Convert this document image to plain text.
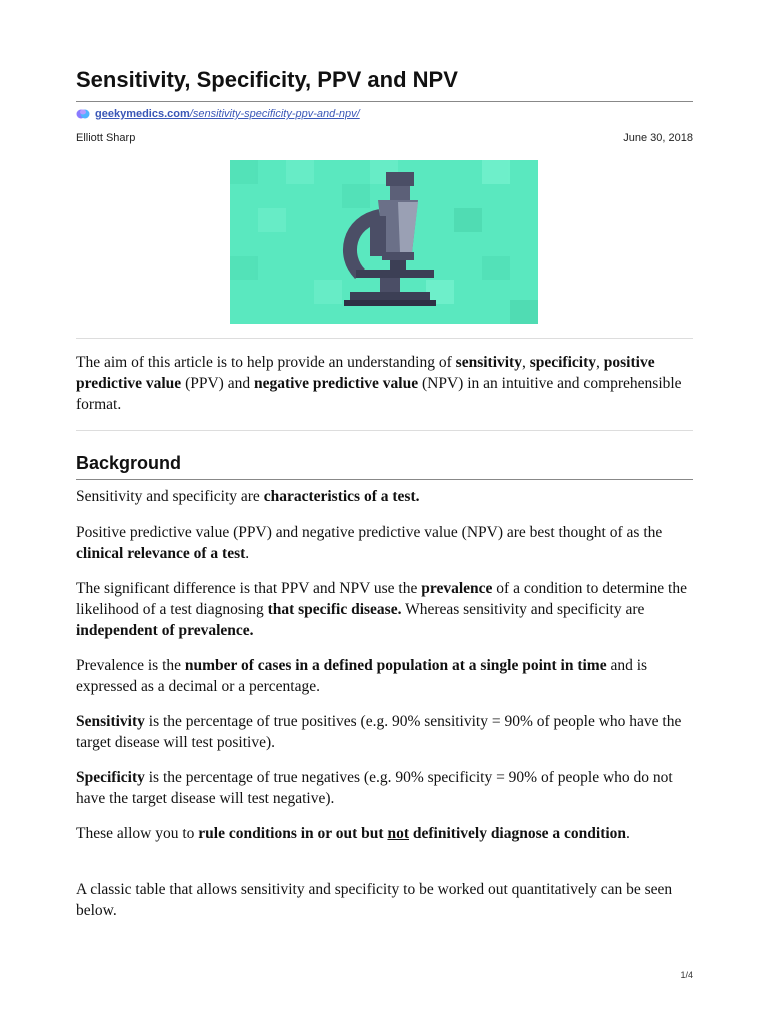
Sensitivity, Specificity, PPV and NPV
geekymedics.com /sensitivity-specificity-ppv-and-npv/
Elliott Sharp	June 30, 2018

The aim of this article is to help provide an understanding of sensitivity, specificity, positive predictive value (PPV) and negative predictive value (NPV) in an intuitive and comprehensible format.

Background

Sensitivity and specificity are characteristics of a test.

Positive predictive value (PPV) and negative predictive value (NPV) are best thought of as the clinical relevance of a test.

The significant difference is that PPV and NPV use the prevalence of a condition to determine the likelihood of a test diagnosing that specific disease. Whereas sensitivity and specificity are independent of prevalence.

Prevalence is the number of cases in a defined population at a single point in time and is expressed as a decimal or a percentage.

Sensitivity is the percentage of true positives (e.g. 90% sensitivity = 90% of people who have the target disease will test positive).

Specificity is the percentage of true negatives (e.g. 90% specificity = 90% of people who do not have the target disease will test negative).

These allow you to rule conditions in or out but not definitively diagnose a condition.

A classic table that allows sensitivity and specificity to be worked out quantitatively can be seen below.

1/4
